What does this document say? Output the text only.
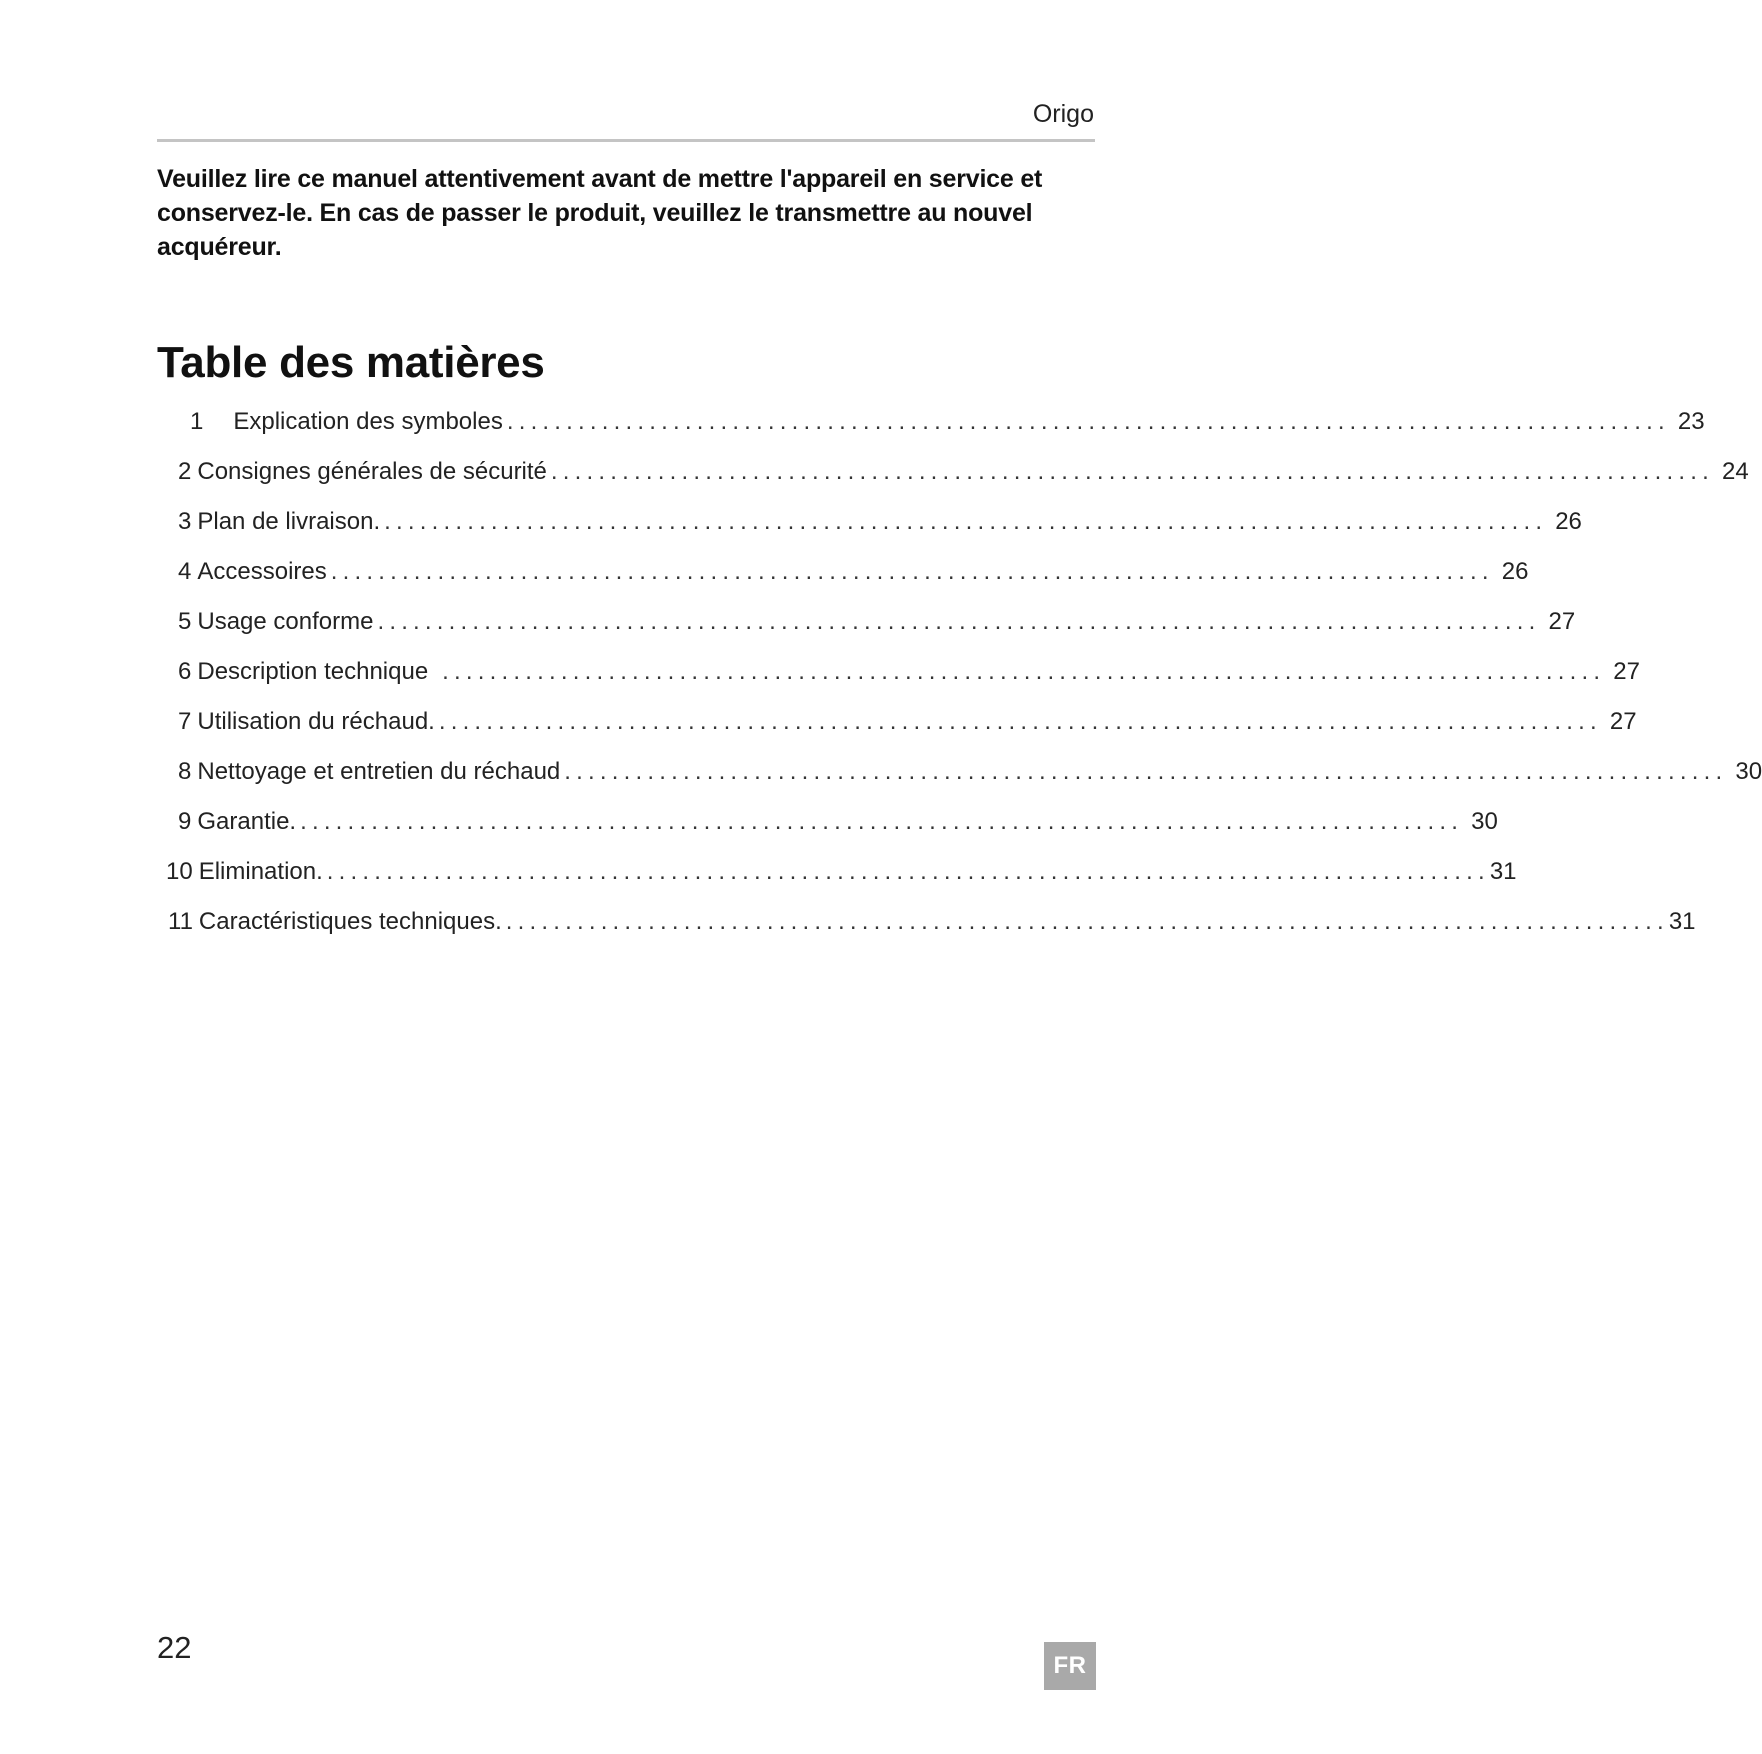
Origo

Veuillez lire ce manuel attentivement avant de mettre l'appareil en service et conservez-le. En cas de passer le produit, veuillez le transmettre au nouvel acquéreur.

Table des matières
1	Explication des symboles .................................................................................................. 23
2 Consignes générales de sécurité .................................................................................................. 24
3 Plan de livraison. .................................................................................................. 26
4 Accessoires .................................................................................................. 26
5 Usage conforme .................................................................................................. 27
6 Description technique .................................................................................................. 27
7 Utilisation du réchaud. .................................................................................................. 27
8 Nettoyage et entretien du réchaud .................................................................................................. 30
9 Garantie. .................................................................................................. 30
10 Elimination. .................................................................................................. 31
11 Caractéristiques techniques. .................................................................................................. 31
22
FR
